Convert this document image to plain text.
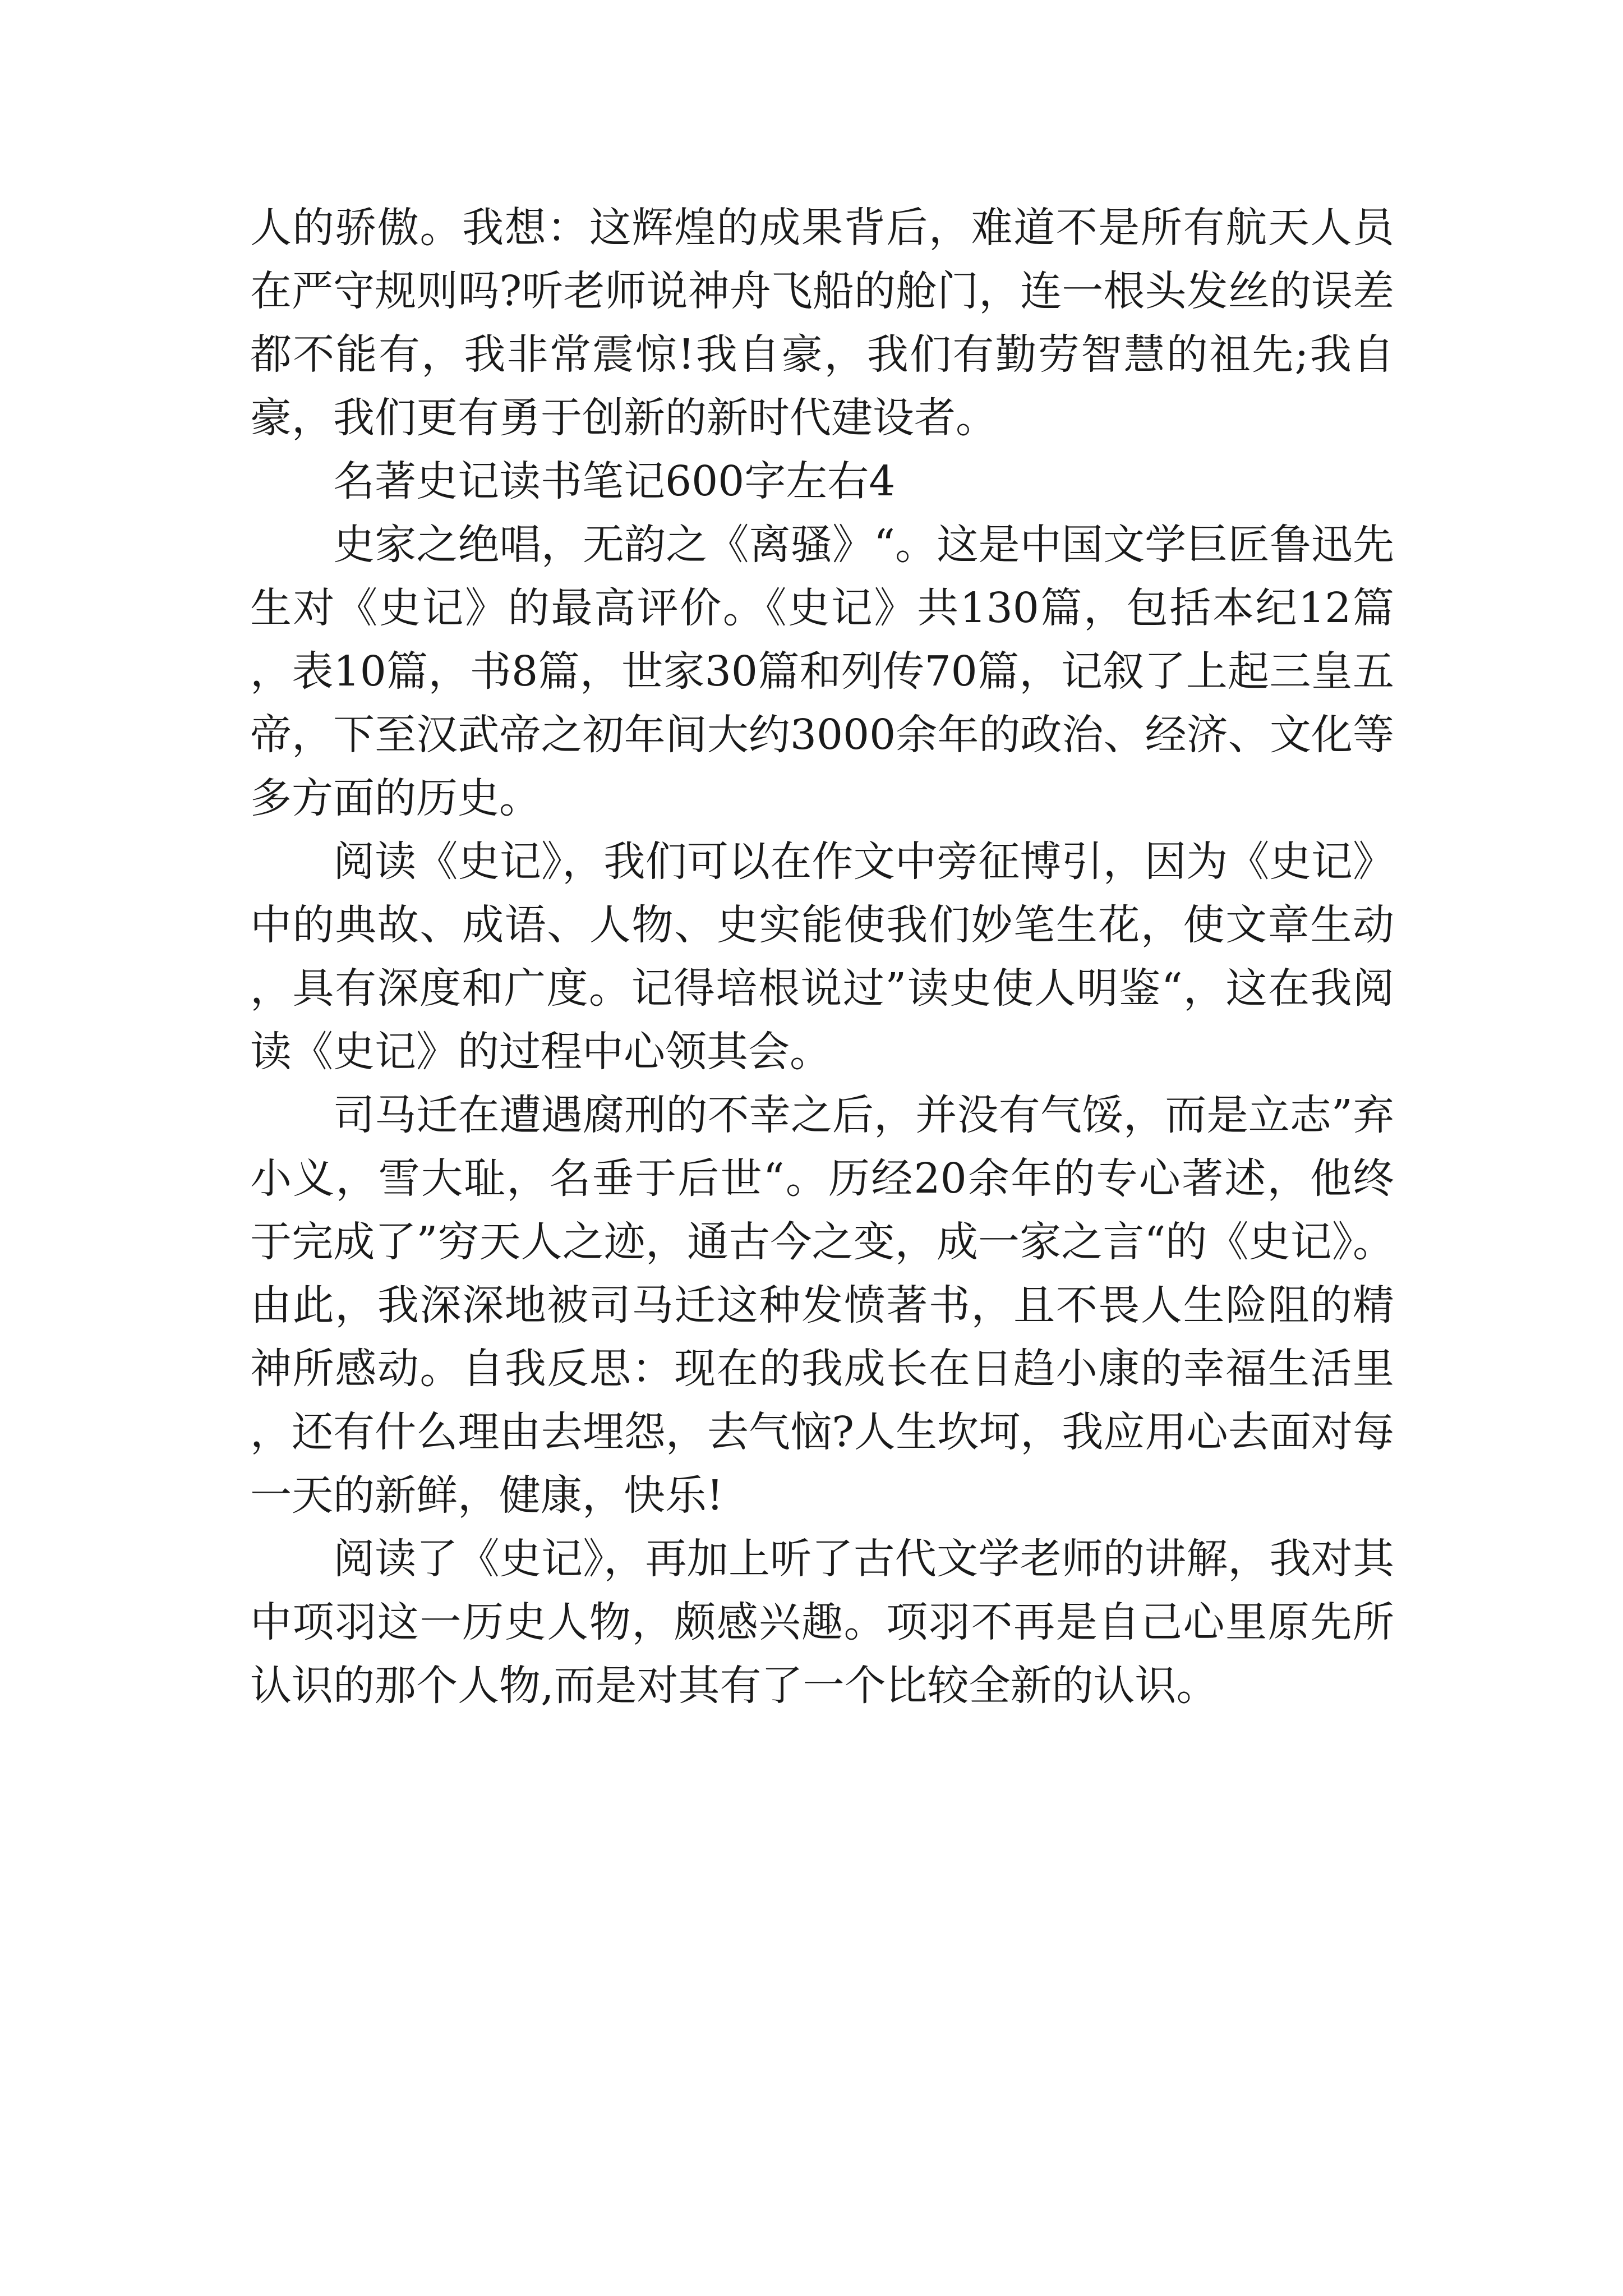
人的骄傲。我想：这辉煌的成果背后，难道不是所有航天人员在严守规则吗?听老师说神舟飞船的舱门，连一根头发丝的误差都不能有，我非常震惊!我自豪，我们有勤劳智慧的祖先;我自豪，我们更有勇于创新的新时代建设者。

名著史记读书笔记600字左右4

史家之绝唱，无韵之《离骚》“。这是中国文学巨匠鲁迅先生对《史记》的最高评价。《史记》共130篇，包括本纪12篇，表10篇，书8篇，世家30篇和列传70篇，记叙了上起三皇五帝，下至汉武帝之初年间大约3000余年的政治、经济、文化等多方面的历史。

阅读《史记》，我们可以在作文中旁征博引，因为《史记》中的典故、成语、人物、史实能使我们妙笔生花，使文章生动，具有深度和广度。记得培根说过”读史使人明鉴“，这在我阅读《史记》的过程中心领其会。

司马迁在遭遇腐刑的不幸之后，并没有气馁，而是立志”弃小义，雪大耻，名垂于后世“。历经20余年的专心著述，他终于完成了”穷天人之迹，通古今之变，成一家之言“的《史记》。由此，我深深地被司马迁这种发愤著书，且不畏人生险阻的精神所感动。自我反思：现在的我成长在日趋小康的幸福生活里，还有什么理由去埋怨，去气恼?人生坎坷，我应用心去面对每一天的新鲜，健康，快乐!

阅读了《史记》，再加上听了古代文学老师的讲解，我对其中项羽这一历史人物，颇感兴趣。项羽不再是自己心里原先所认识的那个人物,而是对其有了一个比较全新的认识。
